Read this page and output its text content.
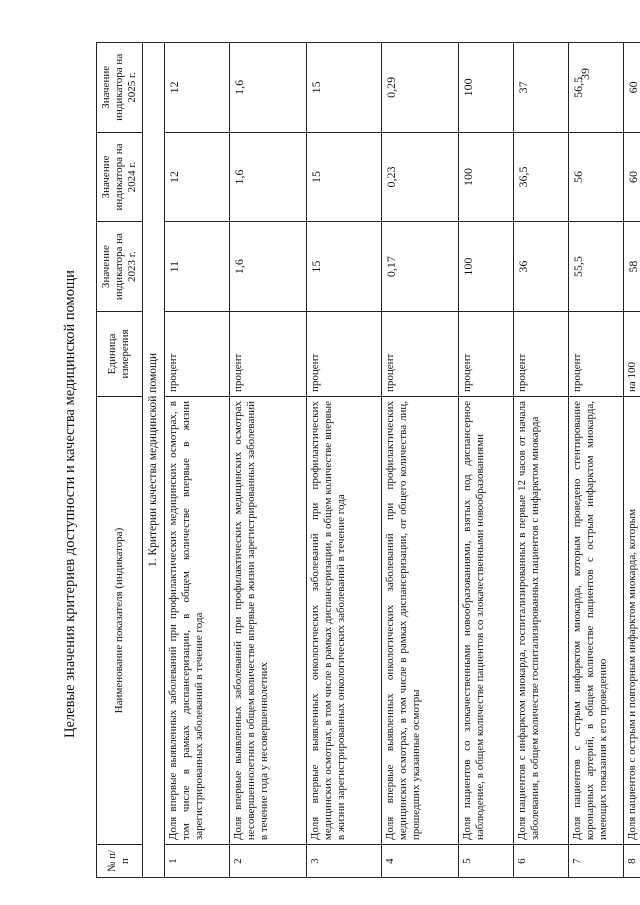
Целевые значения критериев доступности и качества медицинской помощи
39
№ п/п	Наименование показателя (индикатора)	Единица измерения	Значение индикатора на 2023 г.	Значение индикатора на 2024 г.	Значение индикатора на 2025 г.
1. Критерии качества медицинской помощи					
1	Доля впервые выявленных заболеваний при профилактических медицинских осмотрах, в том числе в рамках диспансеризации, в общем количестве впервые в жизни зарегистрированных заболеваний в течение года	процент	11	12	12
2	Доля впервые выявленных заболеваний при профилактических медицинских осмотрах несовершеннолетних в общем количестве впервые в жизни зарегистрированных заболеваний в течение года у несовершеннолетних	процент	1,6	1,6	1,6
3	Доля впервые выявленных онкологических заболеваний при профилактических медицинских осмотрах, в том числе в рамках диспансеризации, в общем количестве впервые в жизни зарегистрированных онкологических заболеваний в течение года	процент	15	15	15
4	Доля впервые выявленных онкологических заболеваний при профилактических медицинских осмотрах, в том числе в рамках диспансеризации, от общего количества лиц, прошедших указанные осмотры	процент	0,17	0,23	0,29
5	Доля пациентов со злокачественными новообразованиями, взятых под диспансерное наблюдение, в общем количестве пациентов со злокачественными новообразованиями	процент	100	100	100
6	Доля пациентов с инфарктом миокарда, госпитализированных в первые 12 часов от начала заболевания, в общем количестве госпитализированных пациентов с инфарктом миокарда	процент	36	36,5	37
7	Доля пациентов с острым инфарктом миокарда, которым проведено стентирование коронарных артерий, в общем количестве пациентов с острым инфарктом миокарда, имеющих показания к его проведению	процент	55,5	56	56,5
8	Доля пациентов с острым и повторным инфарктом миокарда, которым	на 100	58	60	60
